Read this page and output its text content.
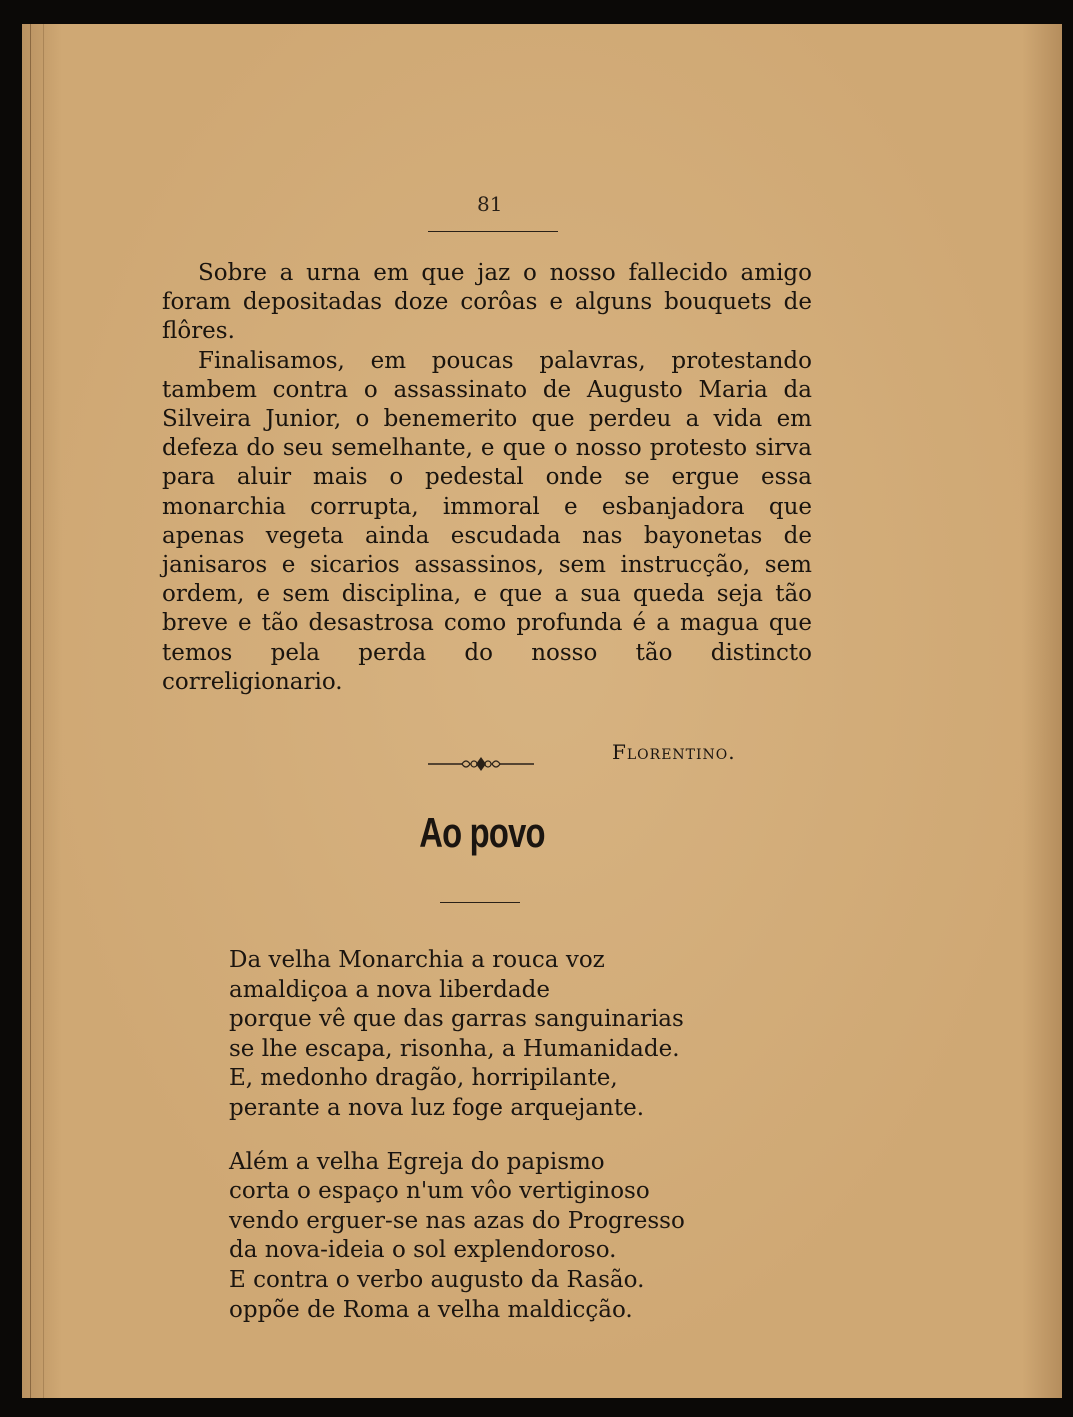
81

Sobre a urna em que jaz o nosso fallecido amigo foram depositadas doze corôas e alguns bouquets de flôres.

Finalisamos, em poucas palavras, protestando tambem contra o assassinato de Augusto Maria da Silveira Junior, o benemerito que perdeu a vida em defeza do seu semelhante, e que o nosso protesto sirva para aluir mais o pedestal onde se ergue essa monarchia corrupta, immoral e esbanjadora que apenas vegeta ainda escudada nas bayonetas de janisaros e sicarios assassinos, sem instrucção, sem ordem, e sem disciplina, e que a sua queda seja tão breve e tão desastrosa como profunda é a magua que temos pela perda do nosso tão distincto correligionario.

Florentino.
Ao povo
Da velha Monarchia a rouca voz
amaldiçoa a nova liberdade
porque vê que das garras sanguinarias
se lhe escapa, risonha, a Humanidade.
E, medonho dragão, horripilante,
perante a nova luz foge arquejante.
Além a velha Egreja do papismo
corta o espaço n'um vôo vertiginoso
vendo erguer-se nas azas do Progresso
da nova-ideia o sol explendoroso.
E contra o verbo augusto da Rasão.
oppõe de Roma a velha maldicção.
